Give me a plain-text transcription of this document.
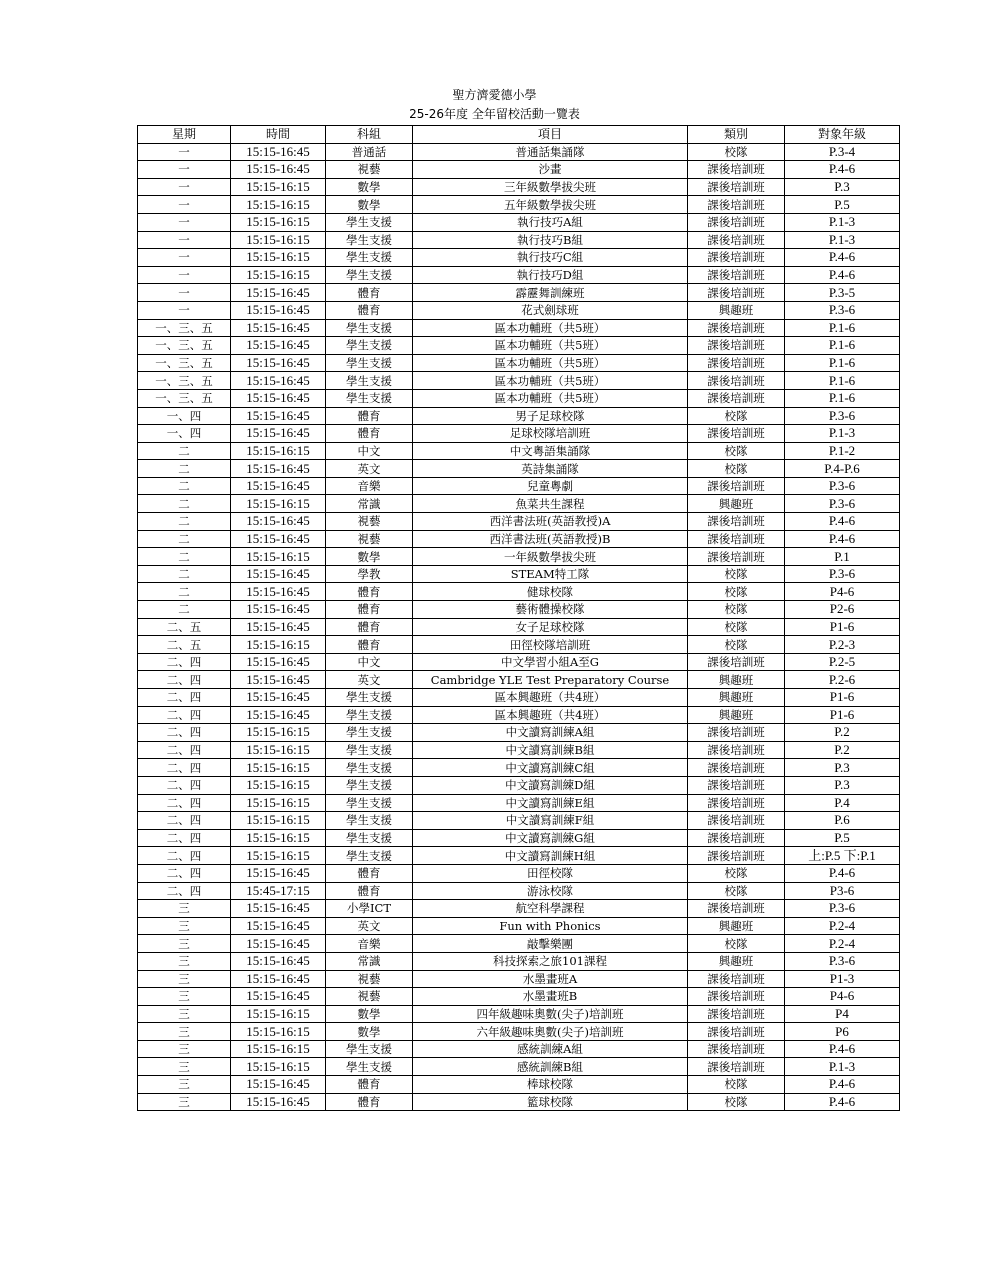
聖方濟愛德小學
25-26年度 全年留校活動一覽表
星期	時間	科組	項目	類別	對象年級
一	15:15-16:45	普通話	普通話集誦隊	校隊	P.3-4
一	15:15-16:45	視藝	沙畫	課後培訓班	P.4-6
一	15:15-16:15	數學	三年級數學拔尖班	課後培訓班	P.3
一	15:15-16:15	數學	五年級數學拔尖班	課後培訓班	P.5
一	15:15-16:15	學生支援	執行技巧A組	課後培訓班	P.1-3
一	15:15-16:15	學生支援	執行技巧B組	課後培訓班	P.1-3
一	15:15-16:15	學生支援	執行技巧C組	課後培訓班	P.4-6
一	15:15-16:15	學生支援	執行技巧D組	課後培訓班	P.4-6
一	15:15-16:45	體育	霹靂舞訓練班	課後培訓班	P.3-5
一	15:15-16:45	體育	花式劍球班	興趣班	P.3-6
一、三、五	15:15-16:45	學生支援	區本功輔班（共5班）	課後培訓班	P.1-6
一、三、五	15:15-16:45	學生支援	區本功輔班（共5班）	課後培訓班	P.1-6
一、三、五	15:15-16:45	學生支援	區本功輔班（共5班）	課後培訓班	P.1-6
一、三、五	15:15-16:45	學生支援	區本功輔班（共5班）	課後培訓班	P.1-6
一、三、五	15:15-16:45	學生支援	區本功輔班（共5班）	課後培訓班	P.1-6
一、四	15:15-16:45	體育	男子足球校隊	校隊	P.3-6
一、四	15:15-16:45	體育	足球校隊培訓班	課後培訓班	P.1-3
二	15:15-16:15	中文	中文粵語集誦隊	校隊	P.1-2
二	15:15-16:45	英文	英詩集誦隊	校隊	P.4-P.6
二	15:15-16:45	音樂	兒童粵劇	課後培訓班	P.3-6
二	15:15-16:15	常識	魚菜共生課程	興趣班	P.3-6
二	15:15-16:45	視藝	西洋書法班(英語教授)A	課後培訓班	P.4-6
二	15:15-16:45	視藝	西洋書法班(英語教授)B	課後培訓班	P.4-6
二	15:15-16:15	數學	一年級數學拔尖班	課後培訓班	P.1
二	15:15-16:45	學教	STEAM特工隊	校隊	P.3-6
二	15:15-16:45	體育	健球校隊	校隊	P4-6
二	15:15-16:45	體育	藝術體操校隊	校隊	P2-6
二、五	15:15-16:45	體育	女子足球校隊	校隊	P1-6
二、五	15:15-16:15	體育	田徑校隊培訓班	校隊	P.2-3
二、四	15:15-16:45	中文	中文學習小組A至G	課後培訓班	P.2-5
二、四	15:15-16:45	英文	Cambridge YLE Test Preparatory Course	興趣班	P.2-6
二、四	15:15-16:45	學生支援	區本興趣班（共4班）	興趣班	P1-6
二、四	15:15-16:45	學生支援	區本興趣班（共4班）	興趣班	P1-6
二、四	15:15-16:15	學生支援	中文讀寫訓練A組	課後培訓班	P.2
二、四	15:15-16:15	學生支援	中文讀寫訓練B組	課後培訓班	P.2
二、四	15:15-16:15	學生支援	中文讀寫訓練C組	課後培訓班	P.3
二、四	15:15-16:15	學生支援	中文讀寫訓練D組	課後培訓班	P.3
二、四	15:15-16:15	學生支援	中文讀寫訓練E組	課後培訓班	P.4
二、四	15:15-16:15	學生支援	中文讀寫訓練F組	課後培訓班	P.6
二、四	15:15-16:15	學生支援	中文讀寫訓練G組	課後培訓班	P.5
二、四	15:15-16:15	學生支援	中文讀寫訓練H組	課後培訓班	上:P.5 下:P.1
二、四	15:15-16:45	體育	田徑校隊	校隊	P.4-6
二、四	15:45-17:15	體育	游泳校隊	校隊	P3-6
三	15:15-16:45	小學ICT	航空科學課程	課後培訓班	P.3-6
三	15:15-16:45	英文	Fun with Phonics	興趣班	P.2-4
三	15:15-16:45	音樂	敲擊樂團	校隊	P.2-4
三	15:15-16:45	常識	科技探索之旅101課程	興趣班	P.3-6
三	15:15-16:45	視藝	水墨畫班A	課後培訓班	P1-3
三	15:15-16:45	視藝	水墨畫班B	課後培訓班	P4-6
三	15:15-16:15	數學	四年級趣味奧數(尖子)培訓班	課後培訓班	P4
三	15:15-16:15	數學	六年級趣味奧數(尖子)培訓班	課後培訓班	P6
三	15:15-16:15	學生支援	感統訓練A組	課後培訓班	P.4-6
三	15:15-16:15	學生支援	感統訓練B組	課後培訓班	P.1-3
三	15:15-16:45	體育	棒球校隊	校隊	P.4-6
三	15:15-16:45	體育	籃球校隊	校隊	P.4-6
